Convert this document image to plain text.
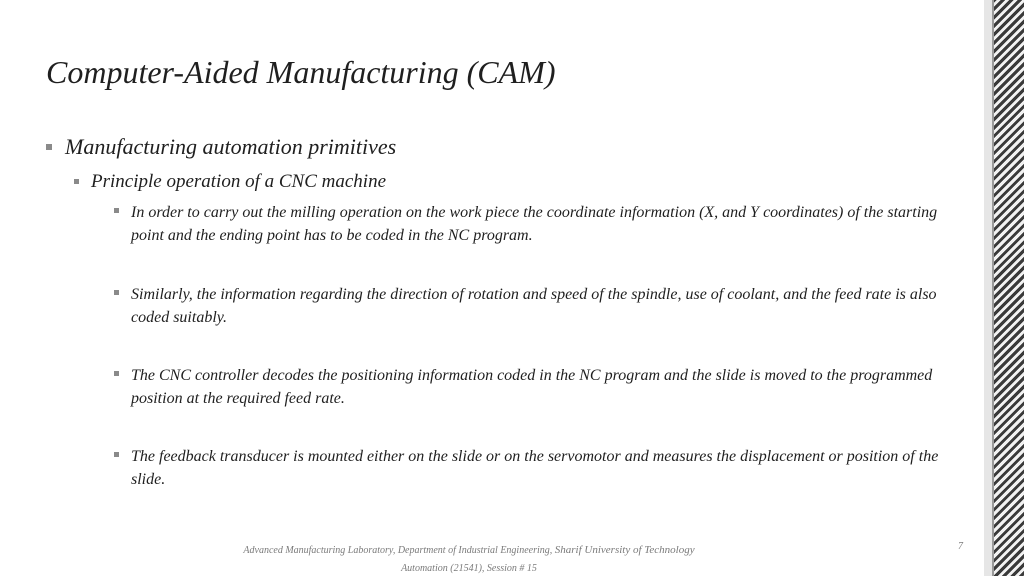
Computer-Aided Manufacturing (CAM)
Manufacturing automation primitives
Principle operation of a CNC machine
In order to carry out the milling operation on the work piece the coordinate information (X, and Y coordinates) of the starting point and the ending point has to be coded in the NC program.
Similarly, the information regarding the direction of rotation and speed of the spindle, use of coolant, and the feed rate is also coded suitably.
The CNC controller decodes the positioning information coded in the NC program and the slide is moved to the programmed position at the required feed rate.
The feedback transducer is mounted either on the slide or on the servomotor and measures the displacement or position of the slide.
Advanced Manufacturing Laboratory, Department of Industrial Engineering, Sharif University of Technology
Automation (21541), Session # 15
7
